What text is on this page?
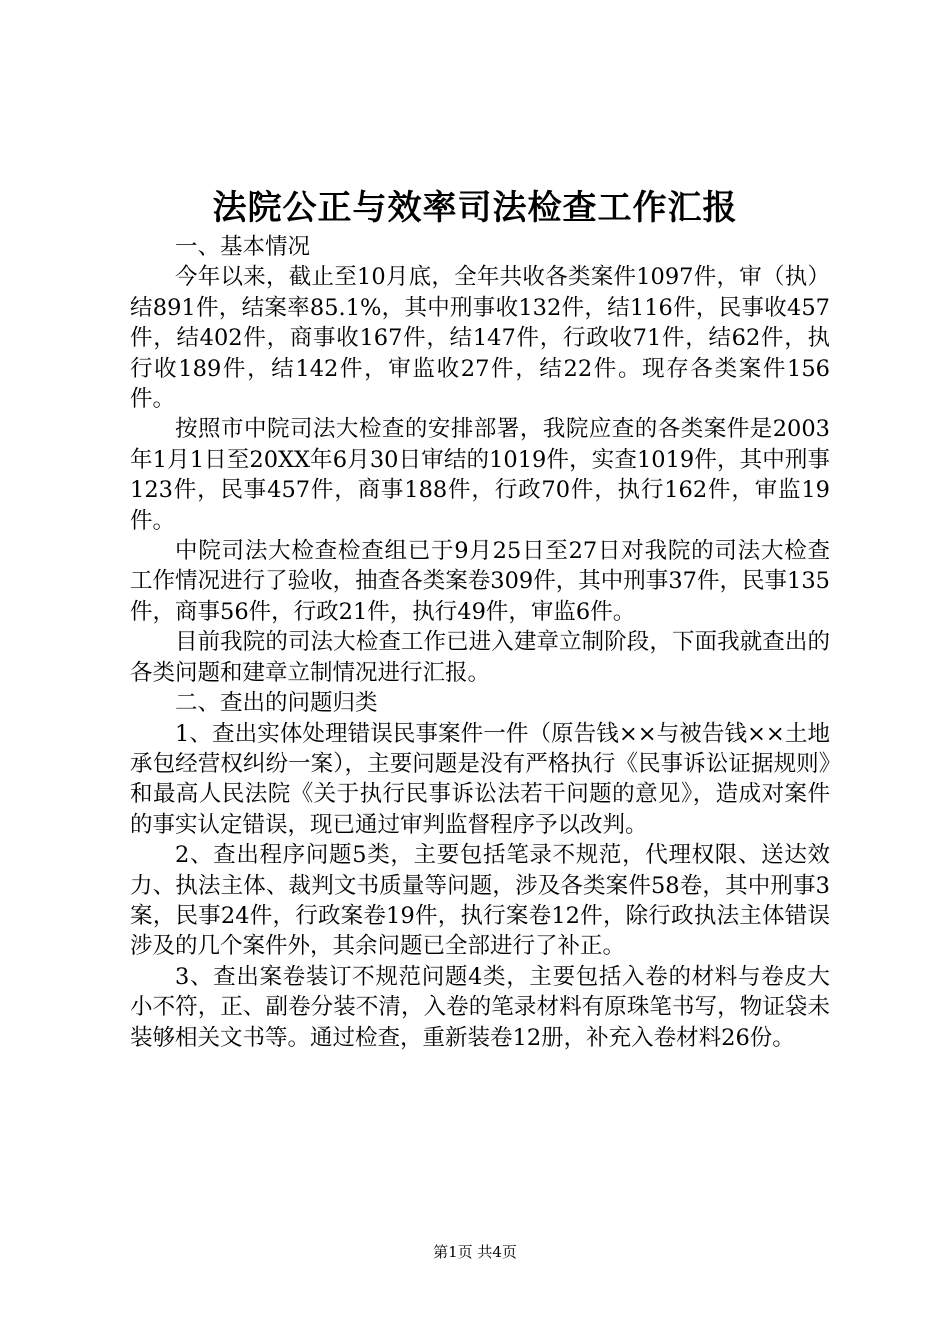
法院公正与效率司法检查工作汇报

一、基本情况

今年以来，截止至10月底，全年共收各类案件1097件，审（执）结891件，结案率85.1%，其中刑事收132件，结116件，民事收457件，结402件，商事收167件，结147件，行政收71件，结62件，执行收189件，结142件，审监收27件，结22件。现存各类案件156件。

按照市中院司法大检查的安排部署，我院应查的各类案件是2003年1月1日至20XX年6月30日审结的1019件，实查1019件，其中刑事123件，民事457件，商事188件，行政70件，执行162件，审监19件。

中院司法大检查检查组已于9月25日至27日对我院的司法大检查工作情况进行了验收，抽查各类案卷309件，其中刑事37件，民事135件，商事56件，行政21件，执行49件，审监6件。

目前我院的司法大检查工作已进入建章立制阶段，下面我就查出的各类问题和建章立制情况进行汇报。

二、查出的问题归类

1、查出实体处理错误民事案件一件（原告钱××与被告钱××土地承包经营权纠纷一案），主要问题是没有严格执行《民事诉讼证据规则》和最高人民法院《关于执行民事诉讼法若干问题的意见》，造成对案件的事实认定错误，现已通过审判监督程序予以改判。

2、查出程序问题5类，主要包括笔录不规范，代理权限、送达效力、执法主体、裁判文书质量等问题，涉及各类案件58卷，其中刑事3案，民事24件，行政案卷19件，执行案卷12件，除行政执法主体错误涉及的几个案件外，其余问题已全部进行了补正。

3、查出案卷装订不规范问题4类，主要包括入卷的材料与卷皮大小不符，正、副卷分装不清，入卷的笔录材料有原珠笔书写，物证袋未装够相关文书等。通过检查，重新装卷12册，补充入卷材料26份。

第1页 共4页
